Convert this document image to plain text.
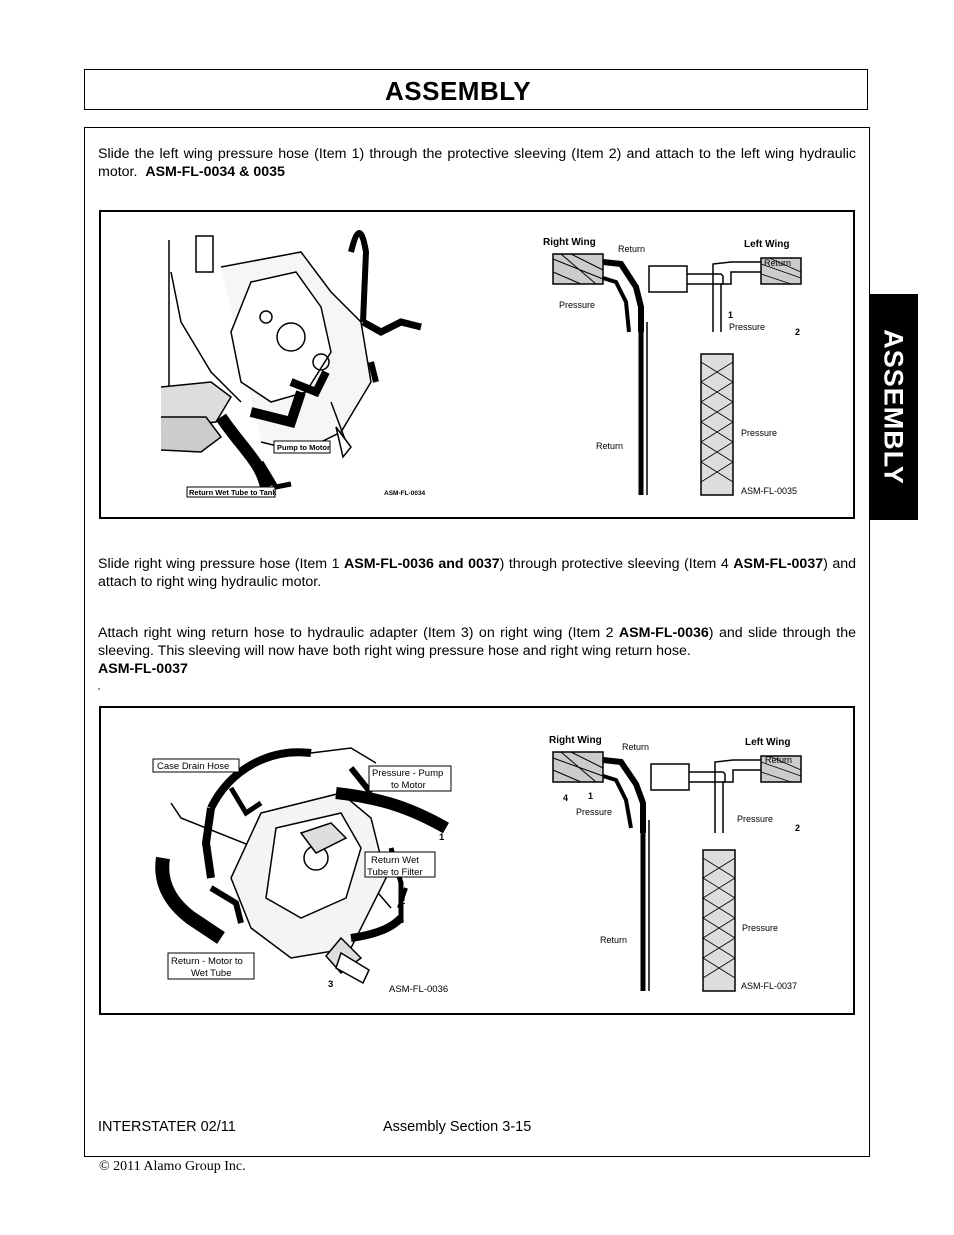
ASSEMBLY
ASSEMBLY
Slide the left wing pressure hose (Item 1) through the protective sleeving (Item 2) and attach to the left wing hydraulic motor. ASM-FL-0034 & 0035
Pump to Motor
Return Wet Tube to Tank	ASM-FL-0034
Right Wing
Return	Left Wing
Return
Pressure
1
Pressure	2
Return
Pressure
ASM-FL-0035
Slide right wing pressure hose (Item 1 ASM-FL-0036 and 0037) through protective sleeving (Item 4 ASM-FL-0037) and attach to right wing hydraulic motor.
Attach right wing return hose to hydraulic adapter (Item 3) on right wing (Item 2 ASM-FL-0036) and slide through the sleeving. This sleeving will now have both right wing pressure hose and right wing return hose.
ASM-FL-0037
'
Case Drain Hose
Pressure - Pump
to Motor
Return Wet
Tube to Filter
Return - Motor to
Wet Tube
1
2
3	ASM-FL-0036
Right Wing
Return	Left Wing
Return
4 1
Pressure
Pressure
2
Return
Pressure
ASM-FL-0037
INTERSTATER 02/11	Assembly Section 3-15
© 2011 Alamo Group Inc.
